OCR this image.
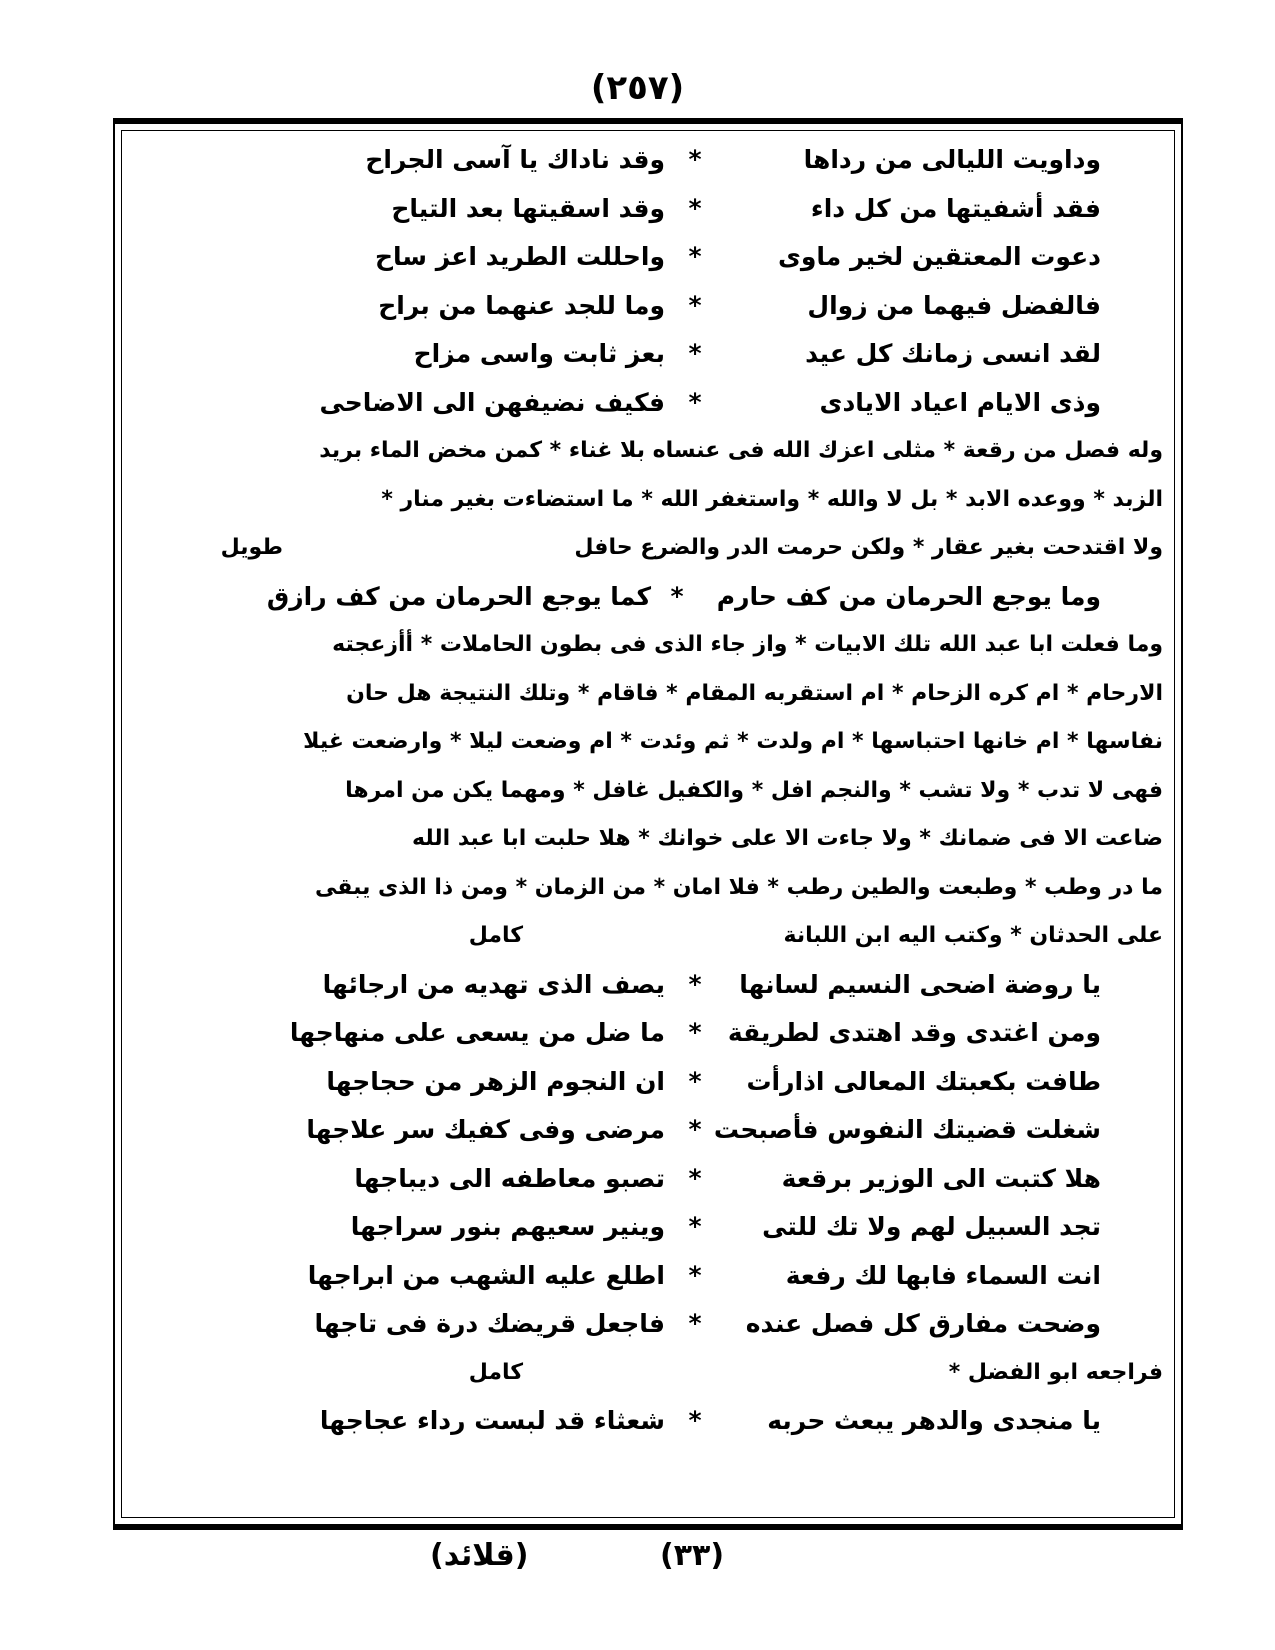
(٢٥٧)
وداويت الليالى من رداها
*
وقد ناداك يا آسى الجراح
فقد أشفيتها من كل داء
*
وقد اسقيتها بعد التياح
دعوت المعتقين لخير ماوى
*
واحللت الطريد اعز ساح
فالفضل فيهما من زوال
*
وما للجد عنهما من براح
لقد انسى زمانك كل عيد
*
بعز ثابت واسى مزاح
وذى الايام اعياد الايادى
*
فكيف نضيفهن الى الاضاحى
وله فصل من رقعة * مثلى اعزك الله فى عنساه بلا غناء * كمن مخض الماء بريد
الزبد * ووعده الابد * بل لا والله * واستغفر الله * ما استضاءت بغير منار *
ولا اقتدحت بغير عقار * ولكن حرمت الدر والضرع حافل
طويل
وما يوجع الحرمان من كف حارم
*
كما يوجع الحرمان من كف رازق
وما فعلت ابا عبد الله تلك الابيات * واز جاء الذى فى بطون الحاملات * أأزعجته
الارحام * ام كره الزحام * ام استقربه المقام * فاقام * وتلك النتيجة هل حان
نفاسها * ام خانها احتباسها * ام ولدت * ثم وئدت * ام وضعت ليلا * وارضعت غيلا
فهى لا تدب * ولا تشب * والنجم افل * والكفيل غافل * ومهما يكن من امرها
ضاعت الا فى ضمانك * ولا جاءت الا على خوانك * هلا حلبت ابا عبد الله
ما در وطب * وطبعت والطين رطب * فلا امان * من الزمان * ومن ذا الذى يبقى
على الحدثان * وكتب اليه ابن اللبانة
كامل
يا روضة اضحى النسيم لسانها
*
يصف الذى تهديه من ارجائها
ومن اغتدى وقد اهتدى لطريقة
*
ما ضل من يسعى على منهاجها
طافت بكعبتك المعالى اذارأت
*
ان النجوم الزهر من حجاجها
شغلت قضيتك النفوس فأصبحت
*
مرضى وفى كفيك سر علاجها
هلا كتبت الى الوزير برقعة
*
تصبو معاطفه الى ديباجها
تجد السبيل لهم ولا تك للتى
*
وينير سعيهم بنور سراجها
انت السماء فابها لك رفعة
*
اطلع عليه الشهب من ابراجها
وضحت مفارق كل فصل عنده
*
فاجعل قريضك درة فى تاجها
فراجعه ابو الفضل *
كامل
يا منجدى والدهر يبعث حربه
*
شعثاء قد لبست رداء عجاجها
(٣٣)
(قلائد)
